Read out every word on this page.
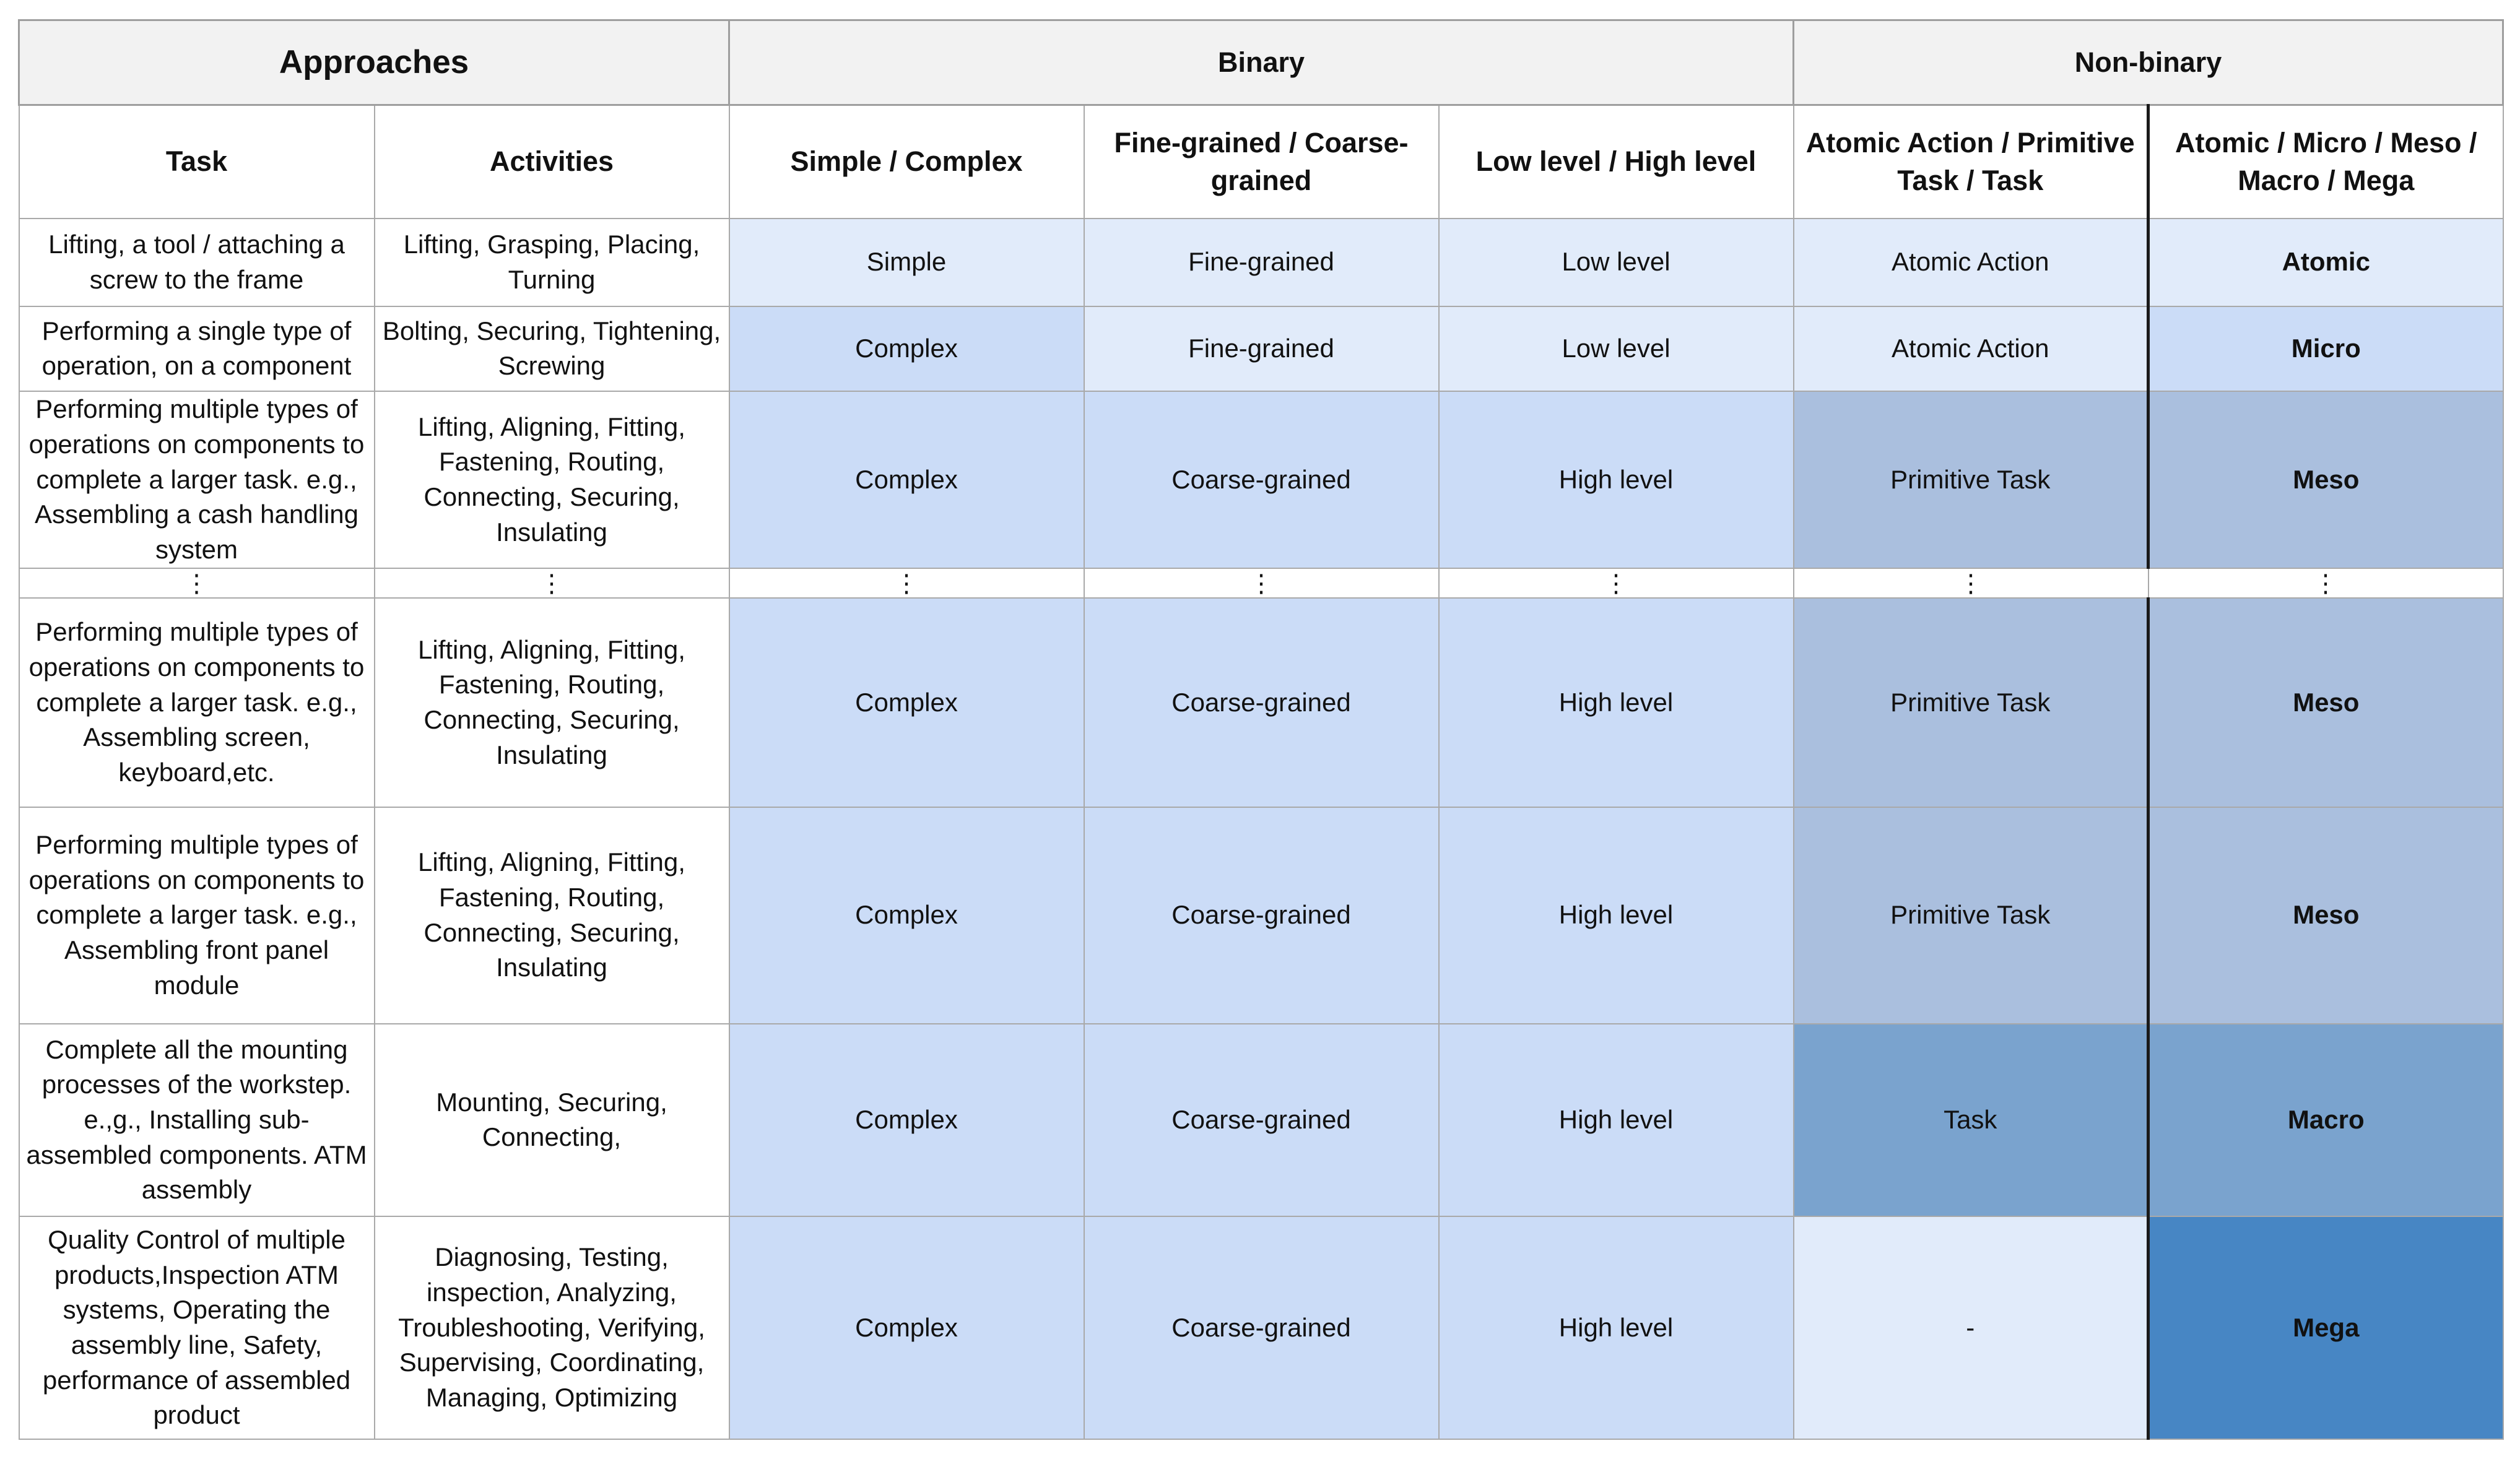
Approaches		Binary			Non-binary	
Task	Activities	Simple / Complex	Fine-grained / Coarse-grained	Low level / High level	Atomic Action / Primitive Task / Task	Atomic / Micro / Meso / Macro / Mega
Lifting, a tool / attaching a screw to the frame	Lifting, Grasping, Placing, Turning	Simple	Fine-grained	Low level	Atomic Action	Atomic
Performing a single type of operation, on a component	Bolting, Securing, Tightening, Screwing	Complex	Fine-grained	Low level	Atomic Action	Micro
Performing multiple types of operations on components to complete a larger task. e.g., Assembling a cash handling system	Lifting, Aligning, Fitting, Fastening, Routing, Connecting, Securing, Insulating	Complex	Coarse-grained	High level	Primitive Task	Meso
⋮	⋮	⋮	⋮	⋮	⋮	⋮
Performing multiple types of operations on components to complete a larger task. e.g., Assembling screen, keyboard,etc.	Lifting, Aligning, Fitting, Fastening, Routing, Connecting, Securing, Insulating	Complex	Coarse-grained	High level	Primitive Task	Meso
Performing multiple types of operations on components to complete a larger task. e.g., Assembling front panel module	Lifting, Aligning, Fitting, Fastening, Routing, Connecting, Securing, Insulating	Complex	Coarse-grained	High level	Primitive Task	Meso
Complete all the mounting processes of the workstep. e.,g., Installing sub-assembled components. ATM assembly	Mounting, Securing, Connecting,	Complex	Coarse-grained	High level	Task	Macro
Quality Control of multiple products,Inspection ATM systems, Operating the assembly line, Safety, performance of assembled product	Diagnosing, Testing, inspection, Analyzing, Troubleshooting, Verifying, Supervising, Coordinating, Managing, Optimizing	Complex	Coarse-grained	High level	-	Mega
